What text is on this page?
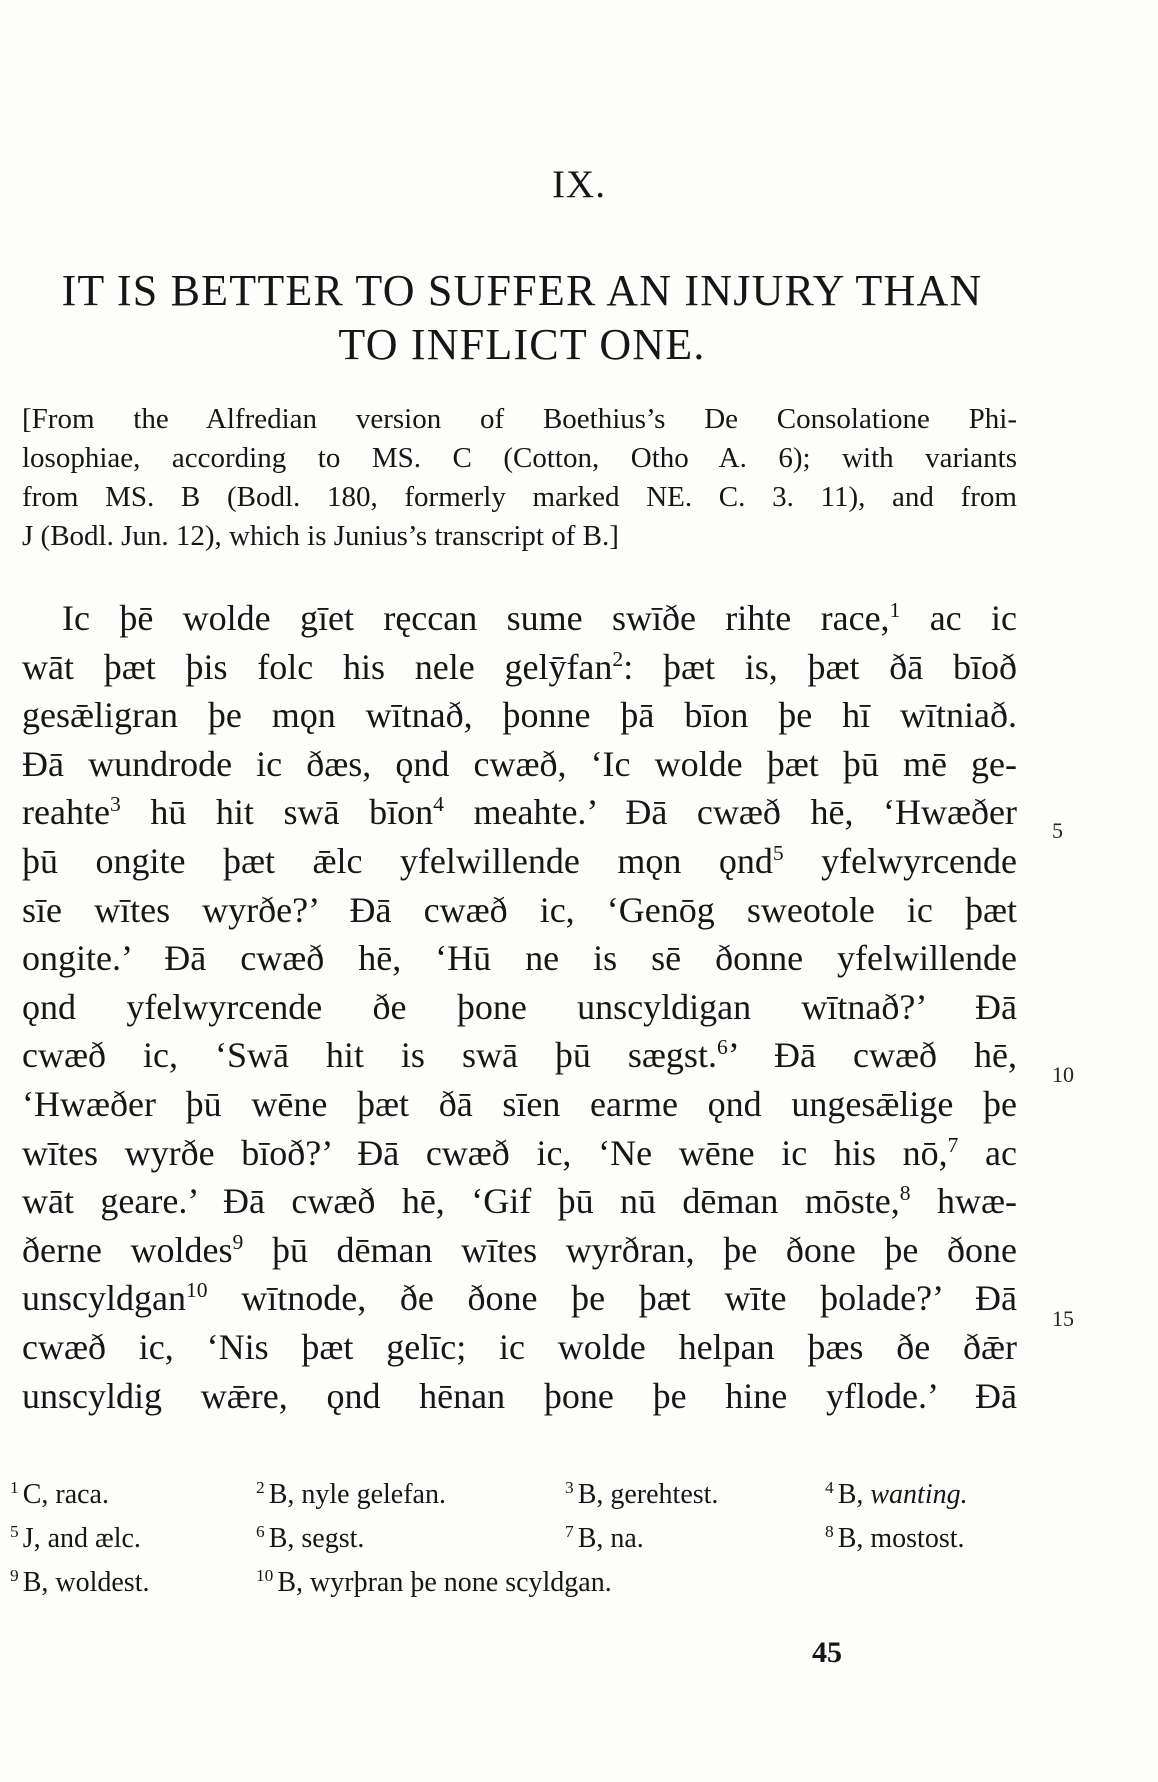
IX.
IT IS BETTER TO SUFFER AN INJURY THAN
TO INFLICT ONE.
[From the Alfredian version of Boethius’s De Consolatione Phi-
losophiae, according to MS. C (Cotton, Otho A. 6); with variants
from MS. B (Bodl. 180, formerly marked NE. C. 3. 11), and from
J (Bodl. Jun. 12), which is Junius’s transcript of B.]
Ic þē wolde gīet ręccan sume swīðe rihte race,$^1$ ac ic
wāt þæt þis folc his nele gelȳfan$^2$: þæt is, þæt ðā bīoð
gesǣligran þe mǫn wītnað, þonne þā bīon þe hī wītniað.
Ðā wundrode ic ðæs, ǫnd cwæð, ‘Ic wolde þæt þū mē ge-
reahte$^3$ hū hit swā bīon$^4$ meahte.’ Ðā cwæð hē, ‘Hwæðer
þū ongite þæt ǣlc yfelwillende mǫn ǫnd$^5$ yfelwyrcende
sīe wītes wyrðe?’ Ðā cwæð ic, ‘Genōg sweotole ic þæt
ongite.’ Ðā cwæð hē, ‘Hū ne is sē ðonne yfelwillende
ǫnd yfelwyrcende ðe þone unscyldigan wītnað?’ Ðā
cwæð ic, ‘Swā hit is swā þū sægst.$^6$’ Ðā cwæð hē,
‘Hwæðer þū wēne þæt ðā sīen earme ǫnd ungesǣlige þe
wītes wyrðe bīoð?’ Ðā cwæð ic, ‘Ne wēne ic his nō,$^7$ ac
wāt geare.’ Ðā cwæð hē, ‘Gif þū nū dēman mōste,$^8$ hwæ-
ðerne woldes$^9$ þū dēman wītes wyrðran, þe ðone þe ðone
unscyldgan$^{10}$ wītnode, ðe ðone þe þæt wīte þolade?’ Ðā
cwæð ic, ‘Nis þæt gelīc; ic wolde helpan þæs ðe ðǣr
unscyldig wǣre, ǫnd hēnan þone þe hine yflode.’ Ðā
5
10
15
$^1$ C, raca.	$^2$ B, nyle gelefan.	$^3$ B, gerehtest.	$^4$ B, wanting.
$^5$ J, and ælc.	$^6$ B, segst.	$^7$ B, na.	$^8$ B, mostost.
$^9$ B, woldest.	$^{10}$ B, wyrþran þe none scyldgan.
45
